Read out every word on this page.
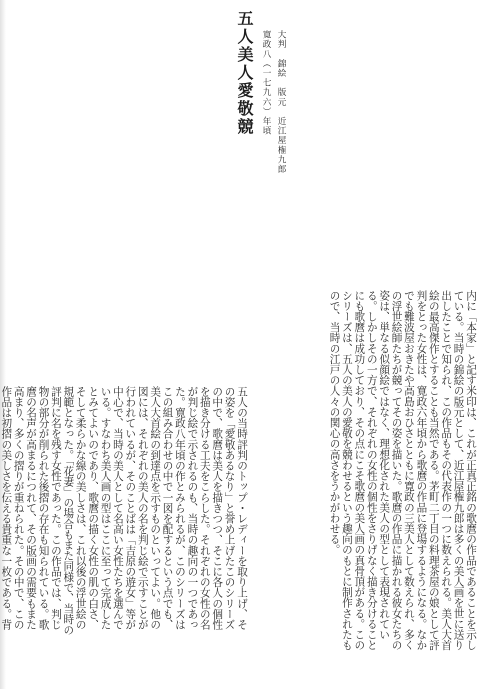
五人美人愛敬競 寛政八（一七九六）年頃 大判　錦絵　版元　近江屋権九郎

内に「本家」と記す米印は、これが正真正銘の歌麿の作品であることを示している。当時の錦絵の版元として、近江屋権九郎は多くの美人画を世に送り出したことで知られ、この作品もその代表作の一つに数えられる。美人大首絵の最高傑作とすることも当然である。茅町二丁目の料理茶屋の娘として評判をとった女性は、寛政六年頃から歌麿の作品に登場するようになる。なかでも難波屋おきたや高島おひさとともに寛政の三美人として数えられ、多くの浮世絵師たちが競ってその姿を描いた。歌麿の作品に描かれる彼女たちの姿は、単なる似顔絵ではなく、理想化された美人の型として表現されている。しかしその一方で、それぞれの女性の個性をさりげなく描き分けることにも歌麿は成功しており、その点にこそ歌麿の美人画の真骨頂がある。このシリーズは、五人の美人の愛敬を競わせるという趣向のもとに制作されたもので、当時の江戸の人々の関心の高さをうかがわせる。

五人の当時評判のトップ・レディーを取り上げ、その姿を「愛敬あるなり」と誉め上げたこのシリーズの中で、歌麿は美人を描きつつ、そこに各人の個性を描き分ける工夫をこらした。それぞれの女性の名が判じ絵で示されるのも、当時の趣向の一つであった。寛政八年頃の作とみられるが、このシリーズはこの組み合わせの中で一図を配するという点でも、美人大首絵の到達点を示すものといってよい。他の図には、それぞれの美人の名を判じ絵で示すことが行われているが、そのことばは「吉原の遊女」等が中心で、当時の美人として名高い女性たちを選んでいる。すなわち美人画の型はここに至って完成したとみてよいのであり、歌麿の描く女性の肌の白さ、そして柔らかな線の美しさは、これ以後の浮世絵の規範となった。「花妻」の場合もまた同様で、当時の評判に名を残す女性であった。この作品では、判じ物の部分が削られた後摺の存在も知られている。歌麿の名声が高まるにつれて、その版画の需要もまた高まり、多くの摺りが重ねられた。その中で、この作品は初摺の美しさを伝える貴重な一枚である。背
